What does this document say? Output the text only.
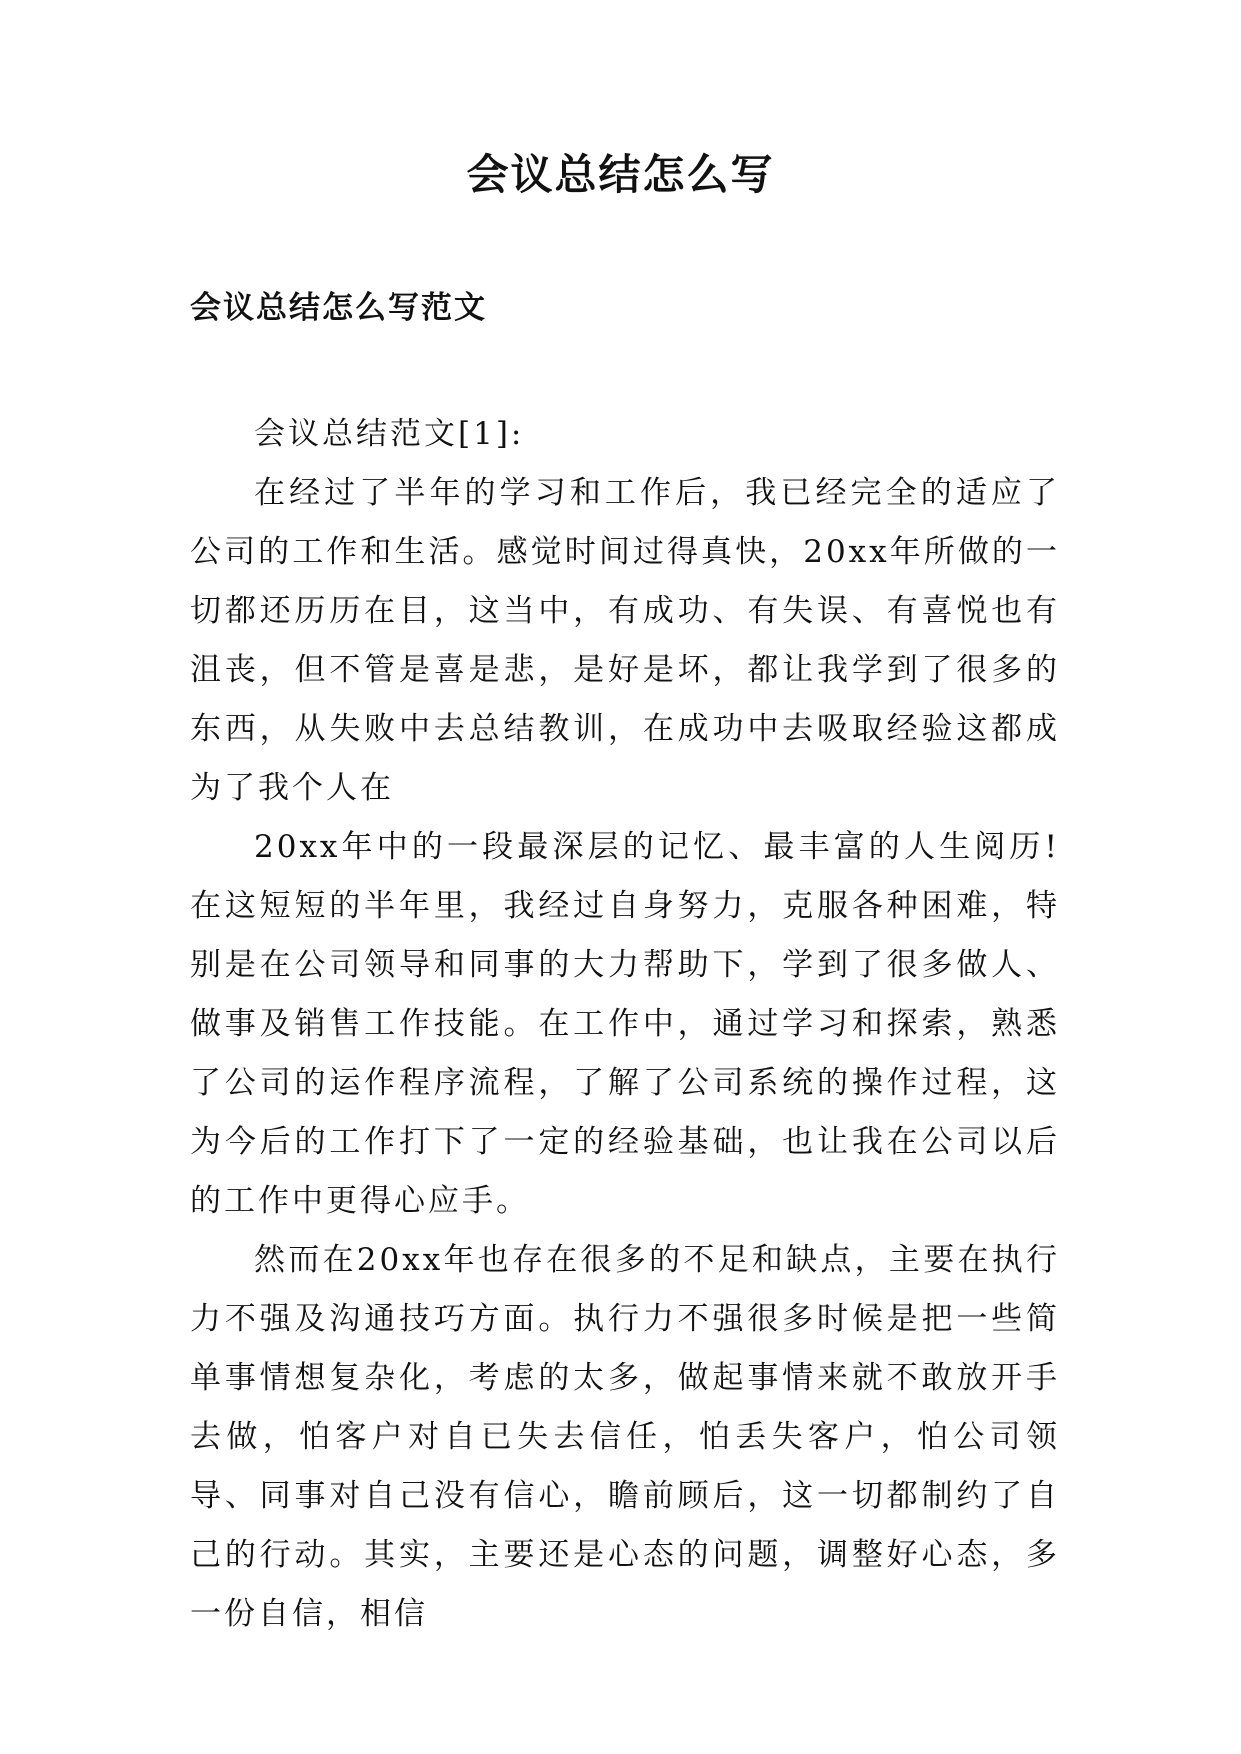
会议总结怎么写
会议总结怎么写范文

会议总结范文[1]:

在经过了半年的学习和工作后，我已经完全的适应了公司的工作和生活。感觉时间过得真快，20xx年所做的一切都还历历在目，这当中，有成功、有失误、有喜悦也有沮丧，但不管是喜是悲，是好是坏，都让我学到了很多的东西，从失败中去总结教训，在成功中去吸取经验这都成为了我个人在

20xx年中的一段最深层的记忆、最丰富的人生阅历!在这短短的半年里，我经过自身努力，克服各种困难，特别是在公司领导和同事的大力帮助下，学到了很多做人、做事及销售工作技能。在工作中，通过学习和探索，熟悉了公司的运作程序流程，了解了公司系统的操作过程，这为今后的工作打下了一定的经验基础，也让我在公司以后的工作中更得心应手。

然而在20xx年也存在很多的不足和缺点，主要在执行力不强及沟通技巧方面。执行力不强很多时候是把一些简单事情想复杂化，考虑的太多，做起事情来就不敢放开手去做，怕客户对自已失去信任，怕丢失客户，怕公司领导、同事对自己没有信心，瞻前顾后，这一切都制约了自己的行动。其实，主要还是心态的问题，调整好心态，多一份自信，相信
